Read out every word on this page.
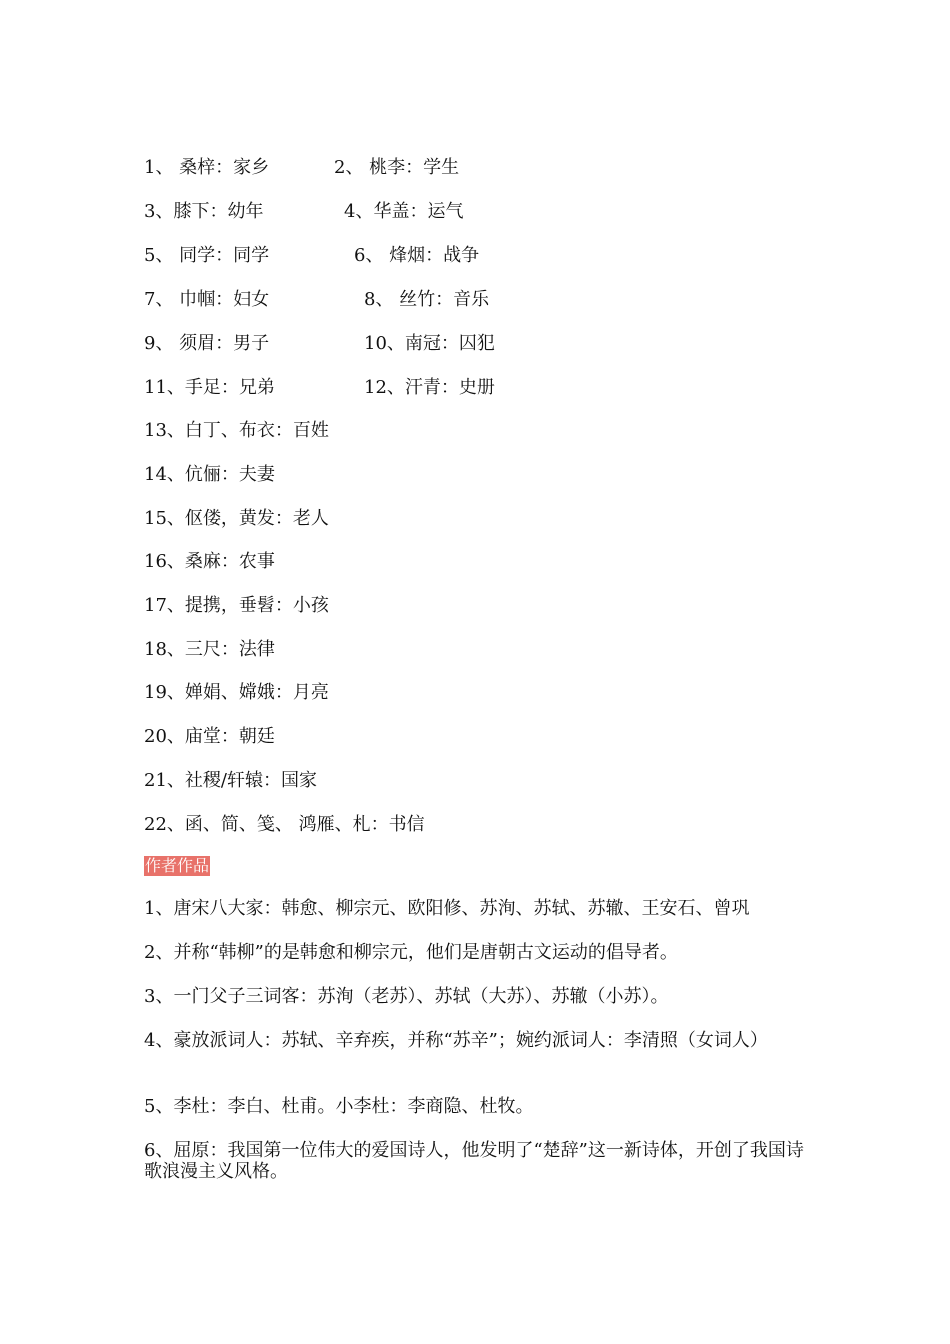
1、 桑梓：家乡	2、 桃李：学生
3、膝下：幼年	4、华盖：运气
5、 同学：同学	6、 烽烟：战争
7、 巾帼：妇女	8、 丝竹：音乐
9、 须眉：男子	10、南冠：囚犯
11、手足：兄弟	12、汗青：史册
13、白丁、布衣：百姓
14、伉俪：夫妻
15、伛偻，黄发：老人
16、桑麻：农事
17、提携，垂髫：小孩
18、三尺：法律
19、婵娟、嫦娥：月亮
20、庙堂：朝廷
21、社稷/轩辕：国家
22、函、简、笺、 鸿雁、札：书信
作者作品
1、唐宋八大家：韩愈、柳宗元、欧阳修、苏洵、苏轼、苏辙、王安石、曾巩
2、并称“韩柳”的是韩愈和柳宗元，他们是唐朝古文运动的倡导者。
3、一门父子三词客：苏洵（老苏）、苏轼（大苏）、苏辙（小苏）。
4、豪放派词人：苏轼、辛弃疾，并称“苏辛”；婉约派词人：李清照（女词人）
5、李杜：李白、杜甫。小李杜：李商隐、杜牧。
6、屈原：我国第一位伟大的爱国诗人，他发明了“楚辞”这一新诗体，开创了我国诗歌浪漫主义风格。
